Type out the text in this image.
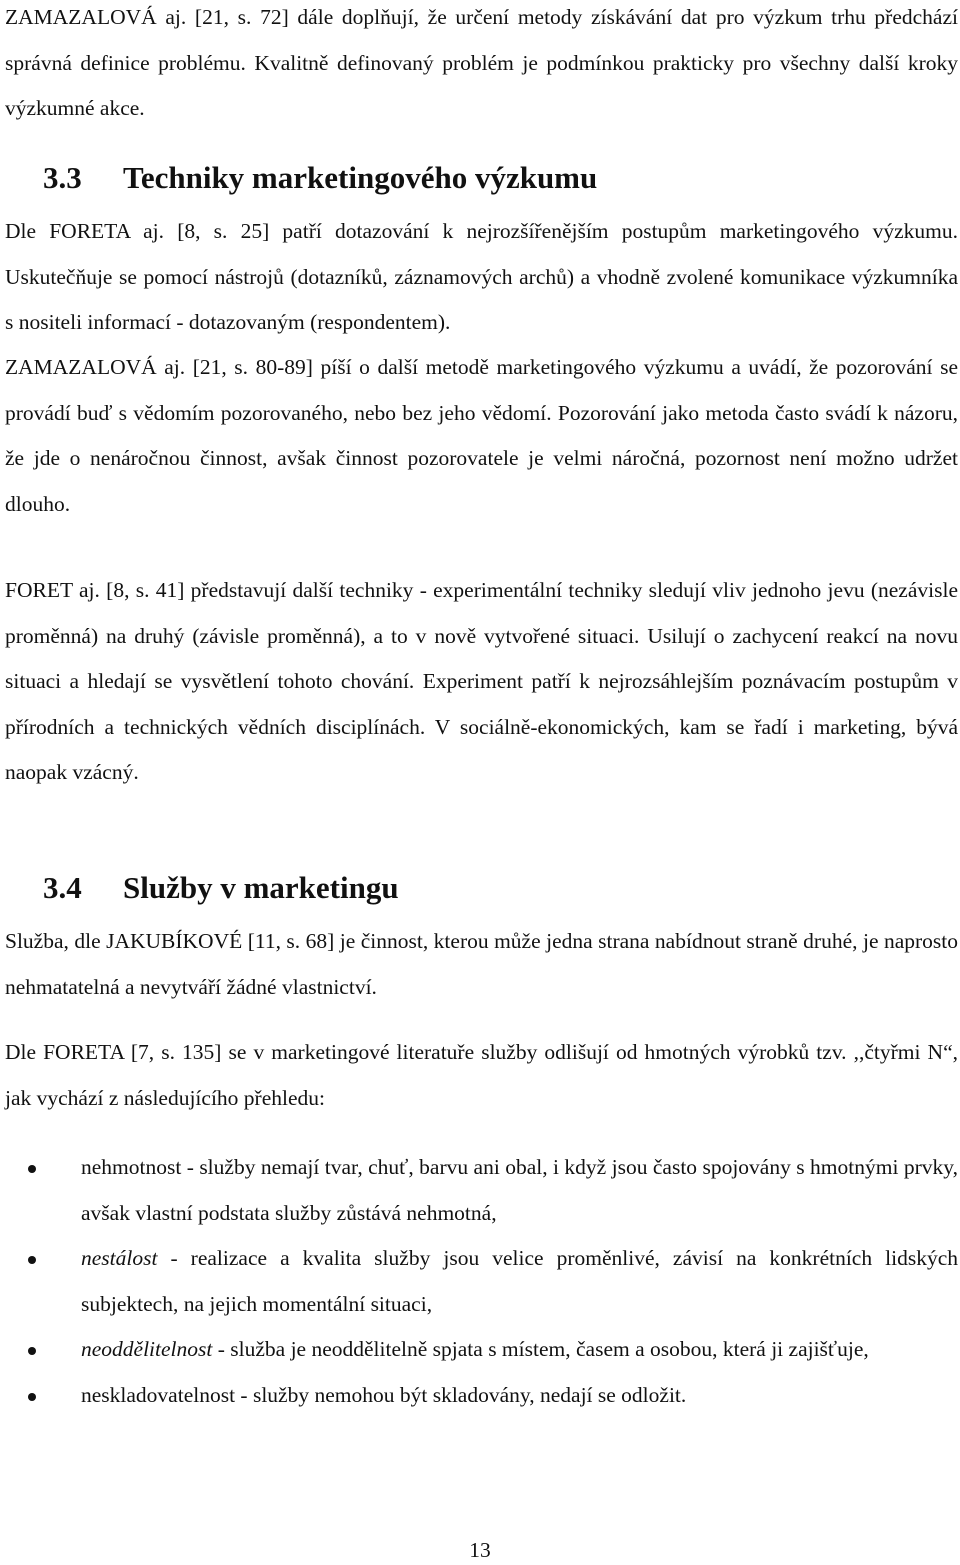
ZAMAZALOVÁ aj. [21, s. 72] dále doplňují, že určení metody získávání dat pro výzkum trhu předchází správná definice problému. Kvalitně definovaný problém je podmínkou prakticky pro všechny další kroky výzkumné akce.

3.3 Techniky marketingového výzkumu

Dle FORETA aj. [8, s. 25] patří dotazování k nejrozšířenějším postupům marketingového výzkumu. Uskutečňuje se pomocí nástrojů (dotazníků, záznamových archů) a vhodně zvolené komunikace výzkumníka s nositeli informací - dotazovaným (respondentem).

ZAMAZALOVÁ aj. [21, s. 80-89] píší o další metodě marketingového výzkumu a uvádí, že pozorování se provádí buď s vědomím pozorovaného, nebo bez jeho vědomí. Pozorování jako metoda často svádí k názoru, že jde o nenáročnou činnost, avšak činnost pozorovatele je velmi náročná, pozornost není možno udržet dlouho.

FORET aj. [8, s. 41] představují další techniky - experimentální techniky sledují vliv jednoho jevu (nezávisle proměnná) na druhý (závisle proměnná), a to v nově vytvořené situaci. Usilují o zachycení reakcí na novu situaci a hledají se vysvětlení tohoto chování. Experiment patří k nejrozsáhlejším poznávacím postupům v přírodních a technických vědních disciplínách. V sociálně-ekonomických, kam se řadí i marketing, bývá naopak vzácný.

3.4 Služby v marketingu

Služba, dle JAKUBÍKOVÉ [11, s. 68] je činnost, kterou může jedna strana nabídnout straně druhé, je naprosto nehmatatelná a nevytváří žádné vlastnictví.

Dle FORETA [7, s. 135] se v marketingové literatuře služby odlišují od hmotných výrobků tzv. ,,čtyřmi N“, jak vychází z následujícího přehledu:

nehmotnost - služby nemají tvar, chuť, barvu ani obal, i když jsou často spojovány s hmotnými prvky, avšak vlastní podstata služby zůstává nehmotná,
nestálost - realizace a kvalita služby jsou velice proměnlivé, závisí na konkrétních lidských subjektech, na jejich momentální situaci,
neoddělitelnost - služba je neoddělitelně spjata s místem, časem a osobou, která ji zajišťuje,
neskladovatelnost - služby nemohou být skladovány, nedají se odložit.
13
